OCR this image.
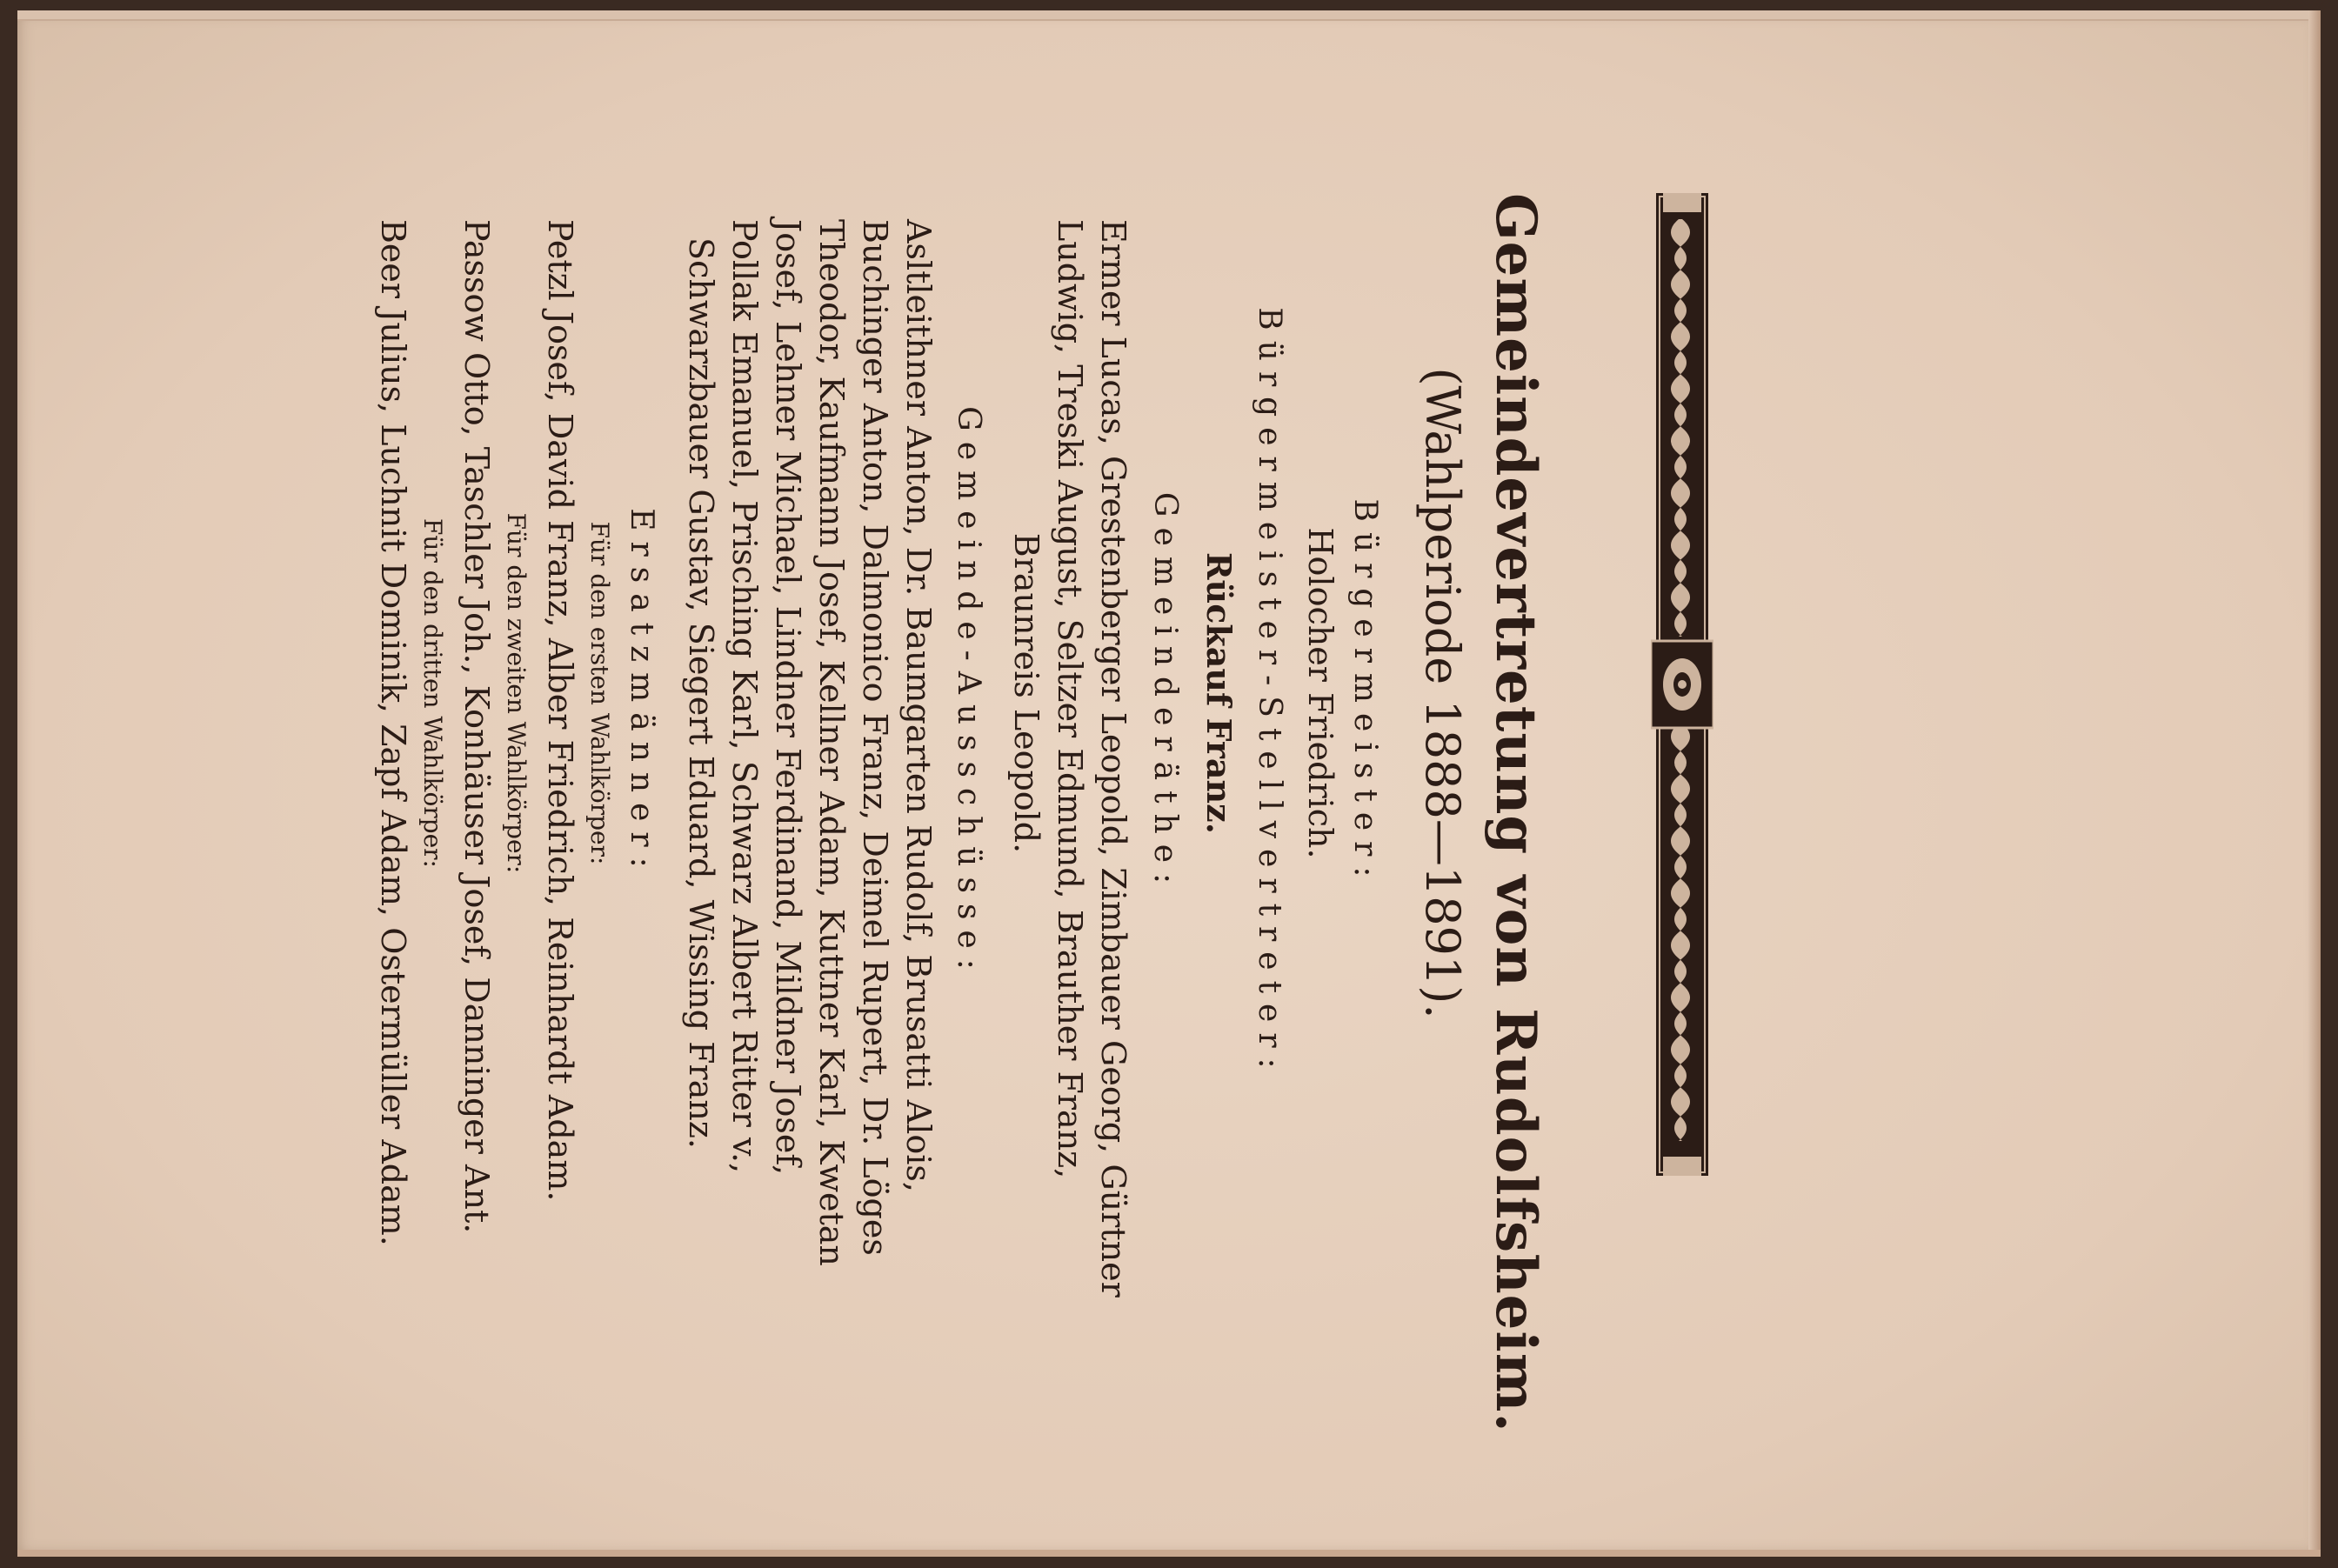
Gemeindevertretung von Rudolfsheim.
(Wahlperiode 1888—1891).
Bürgermeister:
Holocher Friedrich.
Bürgermeister-Stellvertreter:
Rückauf Franz.
Gemeinderäthe:
Ermer Lucas, Grestenberger Leopold, Zimbauer Georg, Gürtner
Ludwig, Treski August, Seltzer Edmund, Brauther Franz,
Braunreis Leopold.
Gemeinde-Ausschüsse:
Asltleithner Anton, Dr. Baumgarten Rudolf, Brusatti Alois,
Buchinger Anton, Dalmonico Franz, Deimel Rupert, Dr. Löges
Theodor, Kaufmann Josef, Kellner Adam, Kuttner Karl, Kwetan
Josef, Lehner Michael, Lindner Ferdinand, Mildner Josef,
Pollak Emanuel, Prisching Karl, Schwarz Albert Ritter v.,
Schwarzbauer Gustav, Siegert Eduard, Wissing Franz.
Ersatzmänner:
Für den ersten Wahlkörper:
Petzl Josef, David Franz, Alber Friedrich, Reinhardt Adam.
Für den zweiten Wahlkörper:
Passow Otto, Taschler Joh., Konhäuser Josef, Danninger Ant.
Für den dritten Wahlkörper:
Beer Julius, Luchnit Dominik, Zapf Adam, Ostermüller Adam.
